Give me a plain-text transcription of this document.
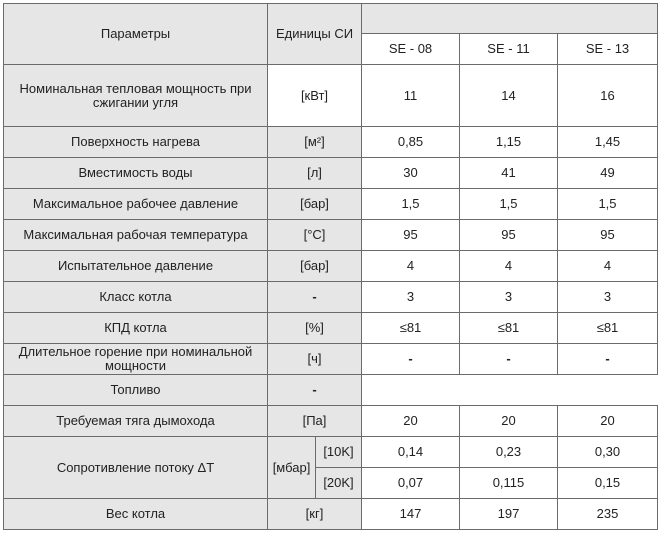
Параметры	Единицы СИ				
			SE - 08	SE - 11	SE - 13
Номинальная тепловая мощность при сжигании угля	[кВт]		11	14	16
Поверхность нагрева	[м²]		0,85	1,15	1,45
Вместимость воды	[л]		30	41	49
Максимальное рабочее давление	[бар]		1,5	1,5	1,5
Максимальная рабочая температура	[°C]		95	95	95
Испытательное давление	[бар]		4	4	4
Класс котла	-		3	3	3
КПД котла	[%]		≤81	≤81	≤81
Длительное горение при номинальной мощности	[ч]		-	-	-
Топливо	-				
Требуемая тяга дымохода	[Па]		20	20	20
Сопротивление потоку ΔT	[мбар]	[10K]	0,14	0,23	0,30
		[20K]	0,07	0,115	0,15
Вес котла	[кг]		147	197	235
